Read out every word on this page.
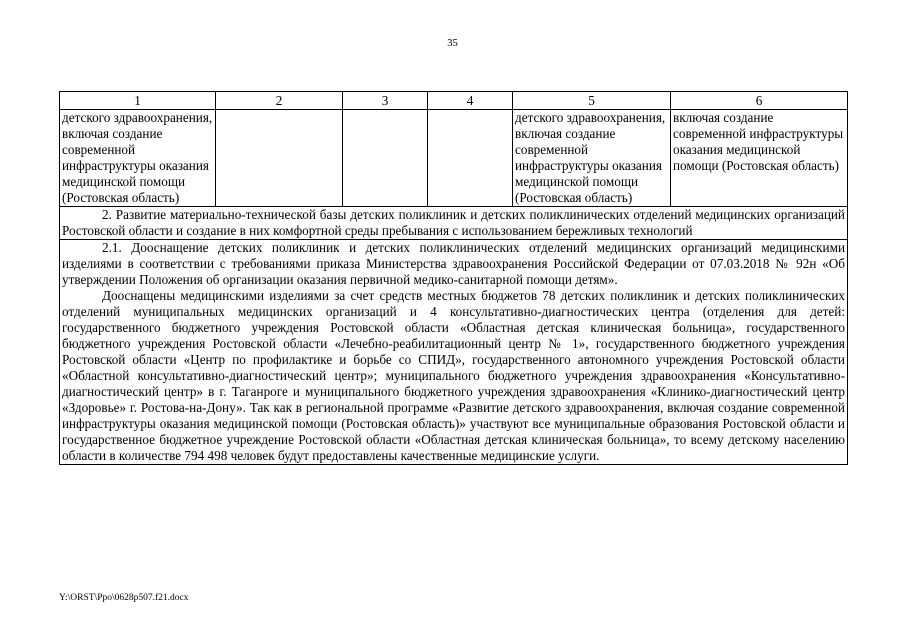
35
1	2	3	4	5	6
детского здравоохранения, включая создание современной инфраструктуры оказания медицинской помощи (Ростовская область)				детского здравоохранения, включая создание современной инфраструктуры оказания медицинской помощи (Ростовская область)	включая создание современной инфраструктуры оказания медицинской помощи (Ростовская область)

2. Развитие материально-технической базы детских поликлиник и детских поликлинических отделений медицинских организаций Ростовской области и создание в них комфортной среды пребывания с использованием бережливых технологий					

2.1. Дооснащение детских поликлиник и детских поликлинических отделений медицинских организаций медицинскими изделиями в соответствии с требованиями приказа Министерства здравоохранения Российской Федерации от 07.03.2018 № 92н «Об утверждении Положения об организации оказания первичной медико-санитарной помощи детям».

Дооснащены медицинскими изделиями за счет средств местных бюджетов 78 детских поликлиник и детских поликлинических отделений муниципальных медицинских организаций и 4 консультативно-диагностических центра (отделения для детей: государственного бюджетного учреждения Ростовской области «Областная детская клиническая больница», государственного бюджетного учреждения Ростовской области «Лечебно-реабилитационный центр № 1», государственного бюджетного учреждения Ростовской области «Центр по профилактике и борьбе со СПИД», государственного автономного учреждения Ростовской области «Областной консультативно-диагностический центр»; муниципального бюджетного учреждения здравоохранения «Консультативно-диагностический центр» в г. Таганроге и муниципального бюджетного учреждения здравоохранения «Клинико-диагностический центр «Здоровье» г. Ростова-на-Дону». Так как в региональной программе «Развитие детского здравоохранения, включая создание современной инфраструктуры оказания медицинской помощи (Ростовская область)» участвуют все муниципальные образования Ростовской области и государственное бюджетное учреждение Ростовской области «Областная детская клиническая больница», то всему детскому населению области в количестве 794 498 человек будут предоставлены качественные медицинские услуги.					

Y:\ORST\Ppo\0628p507.f21.docx
